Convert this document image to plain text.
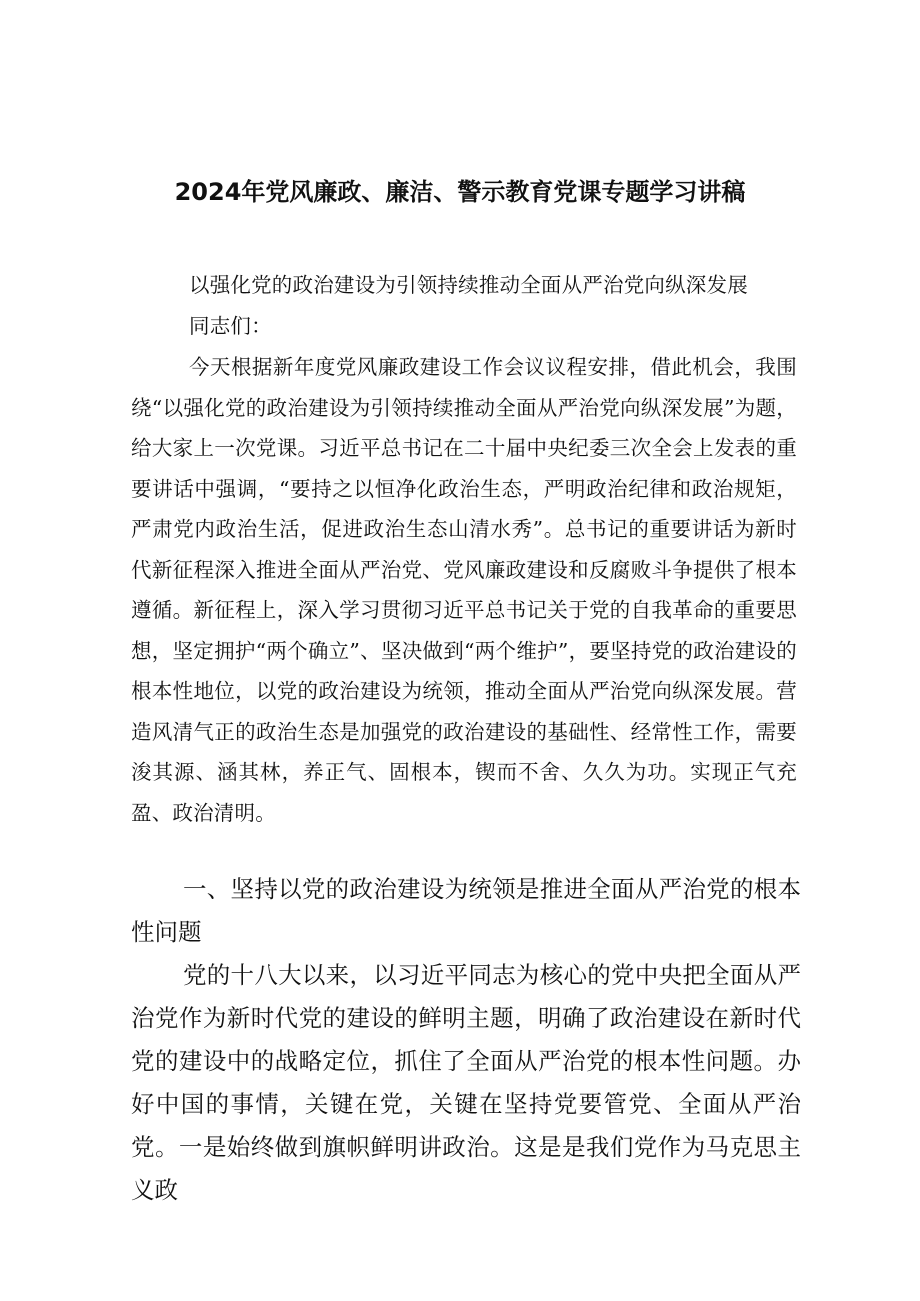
2024年党风廉政、廉洁、警示教育党课专题学习讲稿
以强化党的政治建设为引领持续推动全面从严治党向纵深发展
同志们：
今天根据新年度党风廉政建设工作会议议程安排，借此机会，我围绕“以强化党的政治建设为引领持续推动全面从严治党向纵深发展”为题，给大家上一次党课。习近平总书记在二十届中央纪委三次全会上发表的重要讲话中强调，“要持之以恒净化政治生态，严明政治纪律和政治规矩，严肃党内政治生活，促进政治生态山清水秀”。总书记的重要讲话为新时代新征程深入推进全面从严治党、党风廉政建设和反腐败斗争提供了根本遵循。新征程上，深入学习贯彻习近平总书记关于党的自我革命的重要思想，坚定拥护“两个确立”、坚决做到“两个维护”，要坚持党的政治建设的根本性地位，以党的政治建设为统领，推动全面从严治党向纵深发展。营造风清气正的政治生态是加强党的政治建设的基础性、经常性工作，需要浚其源、涵其林，养正气、固根本，锲而不舍、久久为功。实现正气充盈、政治清明。
一、坚持以党的政治建设为统领是推进全面从严治党的根本性问题
党的十八大以来，以习近平同志为核心的党中央把全面从严治党作为新时代党的建设的鲜明主题，明确了政治建设在新时代党的建设中的战略定位，抓住了全面从严治党的根本性问题。办好中国的事情，关键在党，关键在坚持党要管党、全面从严治党。一是始终做到旗帜鲜明讲政治。这是是我们党作为马克思主义政
